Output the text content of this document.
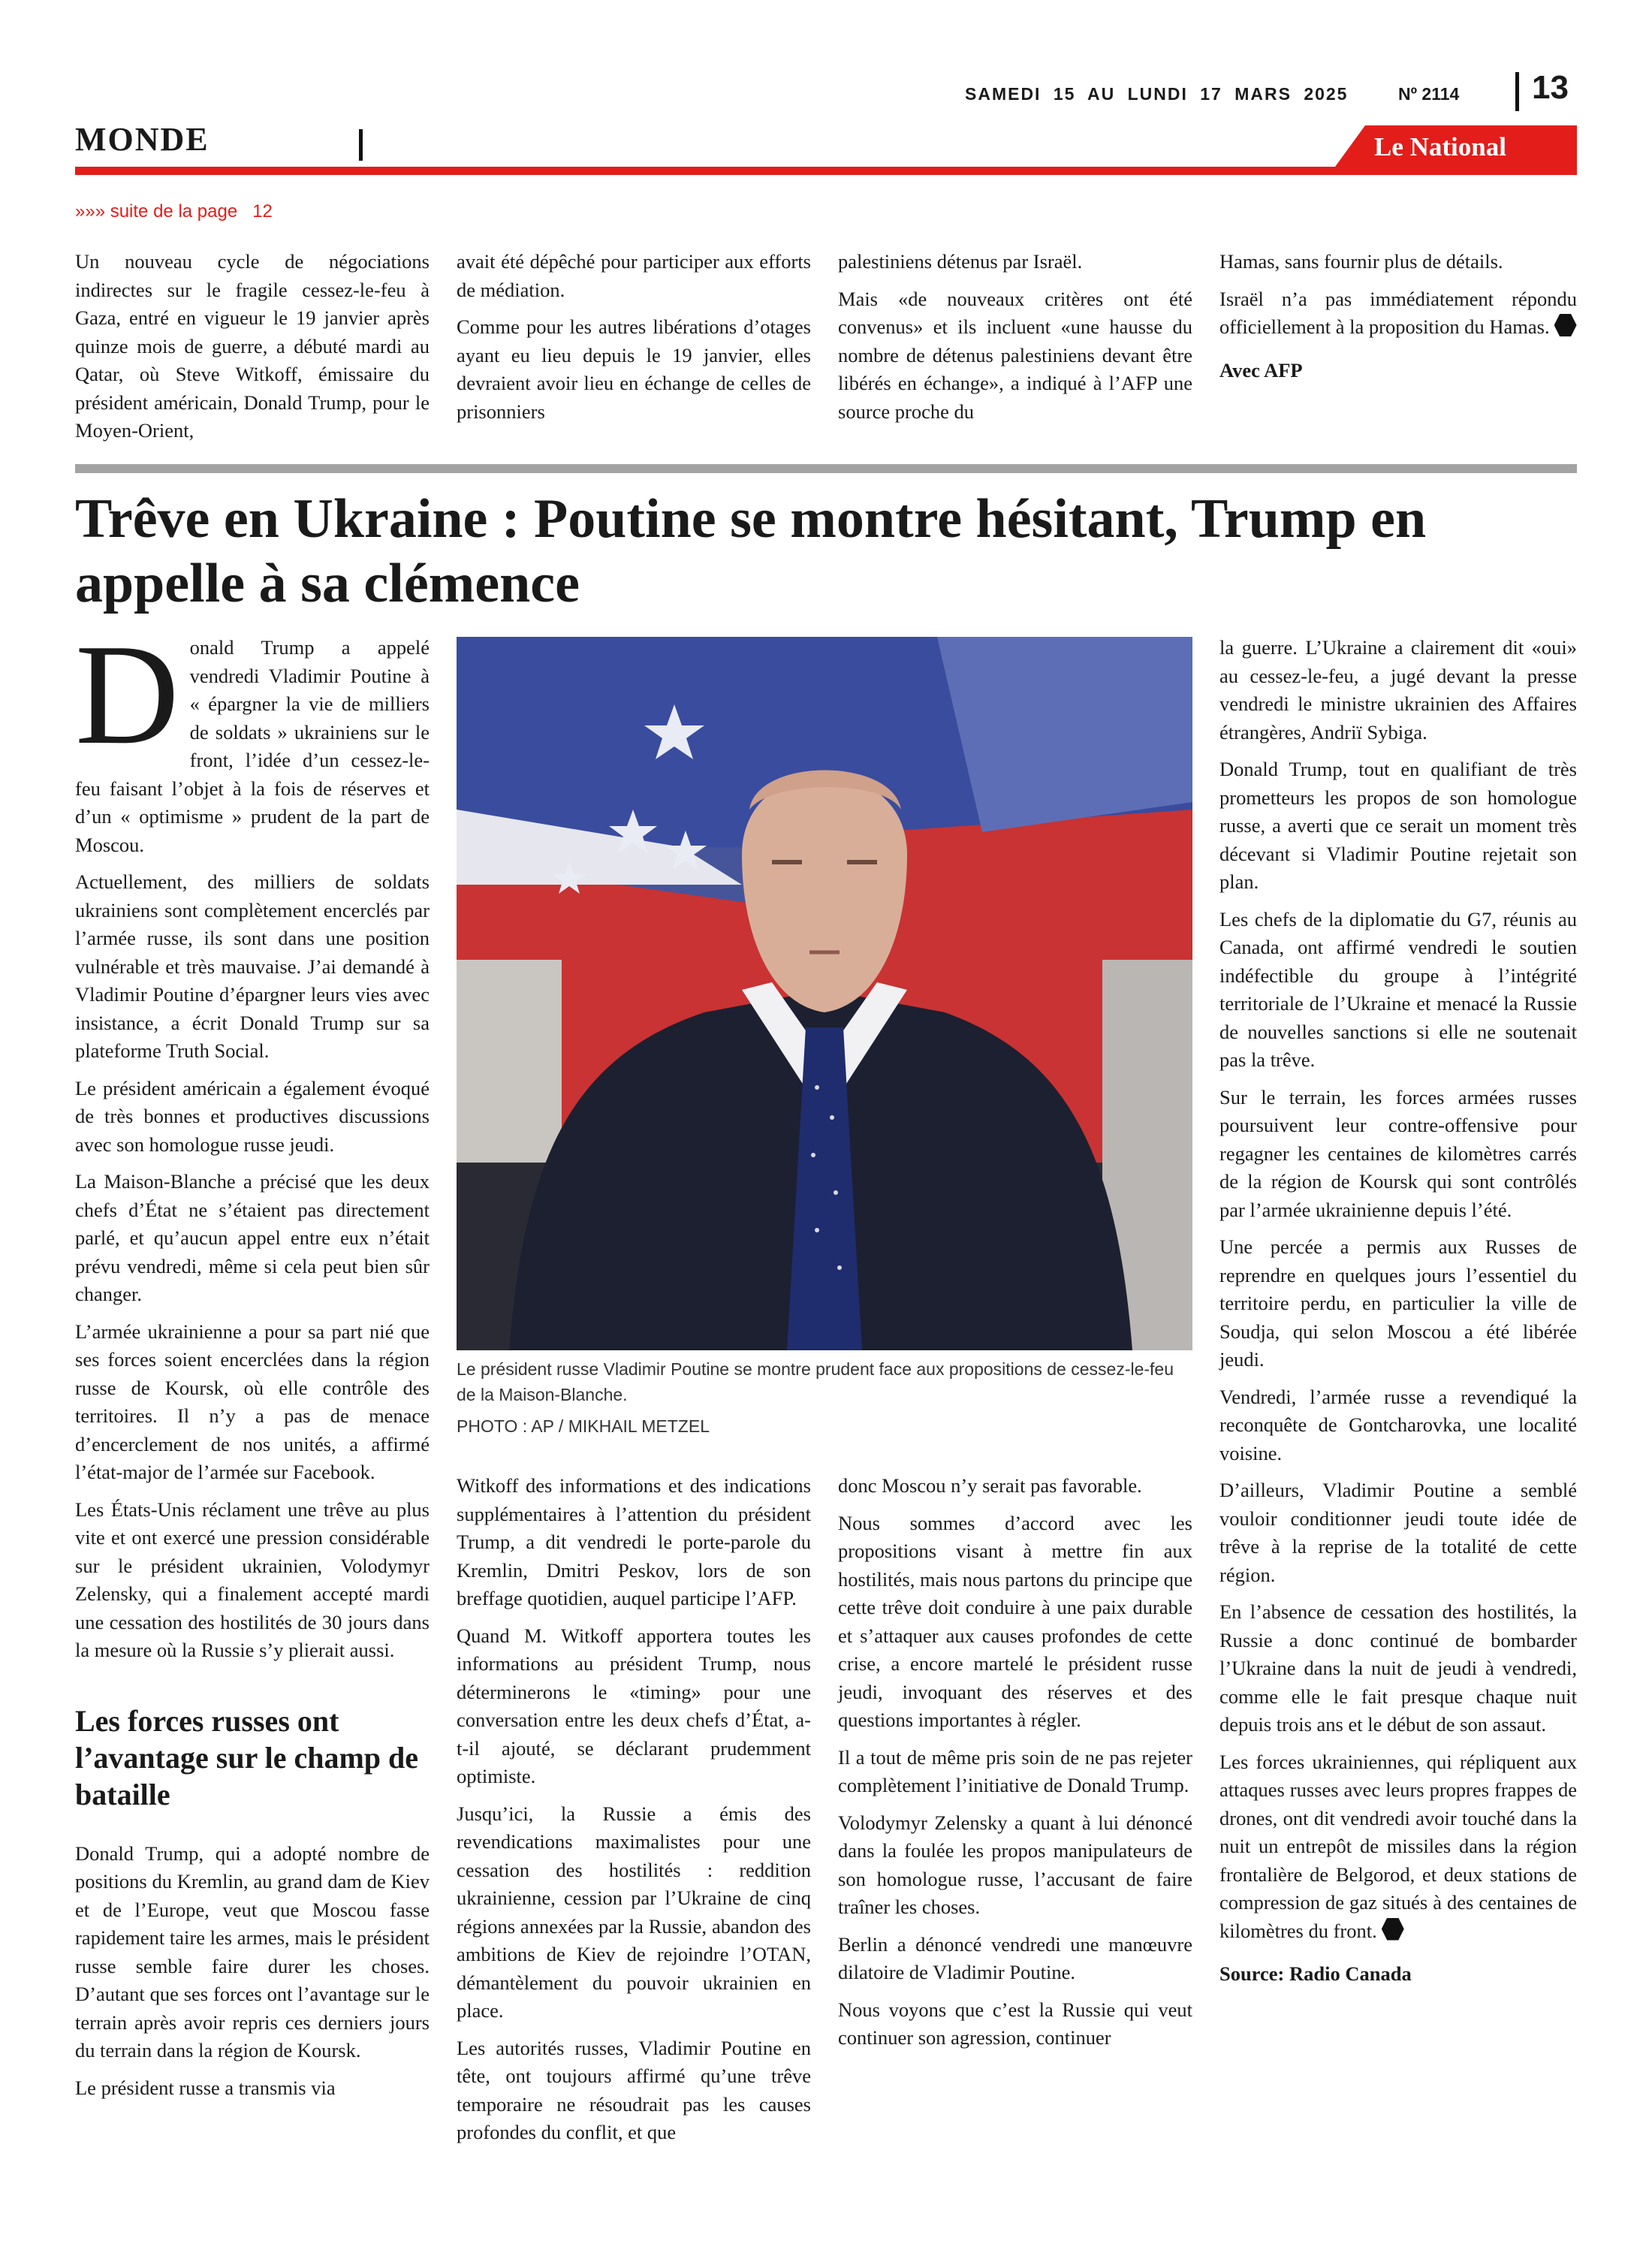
SAMEDI 15 AU LUNDI 17 MARS 2025	Nº 2114 13
MONDE	Le National
»»» suite de la page 12

Un nouveau cycle de négociations indirectes sur le fragile cessez-le-feu à Gaza, entré en vigueur le 19 janvier après quinze mois de guerre, a débuté mardi au Qatar, où Steve Witkoff, émissaire du président américain, Donald Trump, pour le Moyen-Orient,

avait été dépêché pour participer aux efforts de médiation.

Comme pour les autres libérations d’otages ayant eu lieu depuis le 19 janvier, elles devraient avoir lieu en échange de celles de prisonniers

palestiniens détenus par Israël.

Mais «de nouveaux critères ont été convenus» et ils incluent «une hausse du nombre de détenus palestiniens devant être libérés en échange», a indiqué à l’AFP une source proche du

Hamas, sans fournir plus de détails.

Israël n’a pas immédiatement répondu officiellement à la proposition du Hamas.

Avec AFP

Trêve en Ukraine : Poutine se montre hésitant, Trump en appelle à sa clémence

Donald Trump a appelé vendredi Vladimir Poutine à « épargner la vie de milliers de soldats » ukrainiens sur le front, l’idée d’un cessez-le-feu faisant l’objet à la fois de réserves et d’un « optimisme » prudent de la part de Moscou.

Actuellement, des milliers de soldats ukrainiens sont complètement encerclés par l’armée russe, ils sont dans une position vulnérable et très mauvaise. J’ai demandé à Vladimir Poutine d’épargner leurs vies avec insistance, a écrit Donald Trump sur sa plateforme Truth Social.

Le président américain a également évoqué de très bonnes et productives discussions avec son homologue russe jeudi.

La Maison-Blanche a précisé que les deux chefs d’État ne s’étaient pas directement parlé, et qu’aucun appel entre eux n’était prévu vendredi, même si cela peut bien sûr changer.

L’armée ukrainienne a pour sa part nié que ses forces soient encerclées dans la région russe de Koursk, où elle contrôle des territoires. Il n’y a pas de menace d’encerclement de nos unités, a affirmé l’état-major de l’armée sur Facebook.

Les États-Unis réclament une trêve au plus vite et ont exercé une pression considérable sur le président ukrainien, Volodymyr Zelensky, qui a finalement accepté mardi une cessation des hostilités de 30 jours dans la mesure où la Russie s’y plierait aussi.

Les forces russes ont l’avantage sur le champ de bataille

Donald Trump, qui a adopté nombre de positions du Kremlin, au grand dam de Kiev et de l’Europe, veut que Moscou fasse rapidement taire les armes, mais le président russe semble faire durer les choses. D’autant que ses forces ont l’avantage sur le terrain après avoir repris ces derniers jours du terrain dans la région de Koursk.

Le président russe a transmis via

Le président russe Vladimir Poutine se montre prudent face aux propositions de cessez-le-feu de la Maison-Blanche.
PHOTO : AP / MIKHAIL METZEL

Witkoff des informations et des indications supplémentaires à l’attention du président Trump, a dit vendredi le porte-parole du Kremlin, Dmitri Peskov, lors de son breffage quotidien, auquel participe l’AFP.

Quand M. Witkoff apportera toutes les informations au président Trump, nous déterminerons le «timing» pour une conversation entre les deux chefs d’État, a-t-il ajouté, se déclarant prudemment optimiste.

Jusqu’ici, la Russie a émis des revendications maximalistes pour une cessation des hostilités : reddition ukrainienne, cession par l’Ukraine de cinq régions annexées par la Russie, abandon des ambitions de Kiev de rejoindre l’OTAN, démantèlement du pouvoir ukrainien en place.

Les autorités russes, Vladimir Poutine en tête, ont toujours affirmé qu’une trêve temporaire ne résoudrait pas les causes profondes du conflit, et que

donc Moscou n’y serait pas favorable.

Nous sommes d’accord avec les propositions visant à mettre fin aux hostilités, mais nous partons du principe que cette trêve doit conduire à une paix durable et s’attaquer aux causes profondes de cette crise, a encore martelé le président russe jeudi, invoquant des réserves et des questions importantes à régler.

Il a tout de même pris soin de ne pas rejeter complètement l’initiative de Donald Trump.

Volodymyr Zelensky a quant à lui dénoncé dans la foulée les propos manipulateurs de son homologue russe, l’accusant de faire traîner les choses.

Berlin a dénoncé vendredi une manœuvre dilatoire de Vladimir Poutine.

Nous voyons que c’est la Russie qui veut continuer son agression, continuer

la guerre. L’Ukraine a clairement dit «oui» au cessez-le-feu, a jugé devant la presse vendredi le ministre ukrainien des Affaires étrangères, Andriï Sybiga.

Donald Trump, tout en qualifiant de très prometteurs les propos de son homologue russe, a averti que ce serait un moment très décevant si Vladimir Poutine rejetait son plan.

Les chefs de la diplomatie du G7, réunis au Canada, ont affirmé vendredi le soutien indéfectible du groupe à l’intégrité territoriale de l’Ukraine et menacé la Russie de nouvelles sanctions si elle ne soutenait pas la trêve.

Sur le terrain, les forces armées russes poursuivent leur contre-offensive pour regagner les centaines de kilomètres carrés de la région de Koursk qui sont contrôlés par l’armée ukrainienne depuis l’été.

Une percée a permis aux Russes de reprendre en quelques jours l’essentiel du territoire perdu, en particulier la ville de Soudja, qui selon Moscou a été libérée jeudi.

Vendredi, l’armée russe a revendiqué la reconquête de Gontcharovka, une localité voisine.

D’ailleurs, Vladimir Poutine a semblé vouloir conditionner jeudi toute idée de trêve à la reprise de la totalité de cette région.

En l’absence de cessation des hostilités, la Russie a donc continué de bombarder l’Ukraine dans la nuit de jeudi à vendredi, comme elle le fait presque chaque nuit depuis trois ans et le début de son assaut.

Les forces ukrainiennes, qui répliquent aux attaques russes avec leurs propres frappes de drones, ont dit vendredi avoir touché dans la nuit un entrepôt de missiles dans la région frontalière de Belgorod, et deux stations de compression de gaz situés à des centaines de kilomètres du front.

Source: Radio Canada
